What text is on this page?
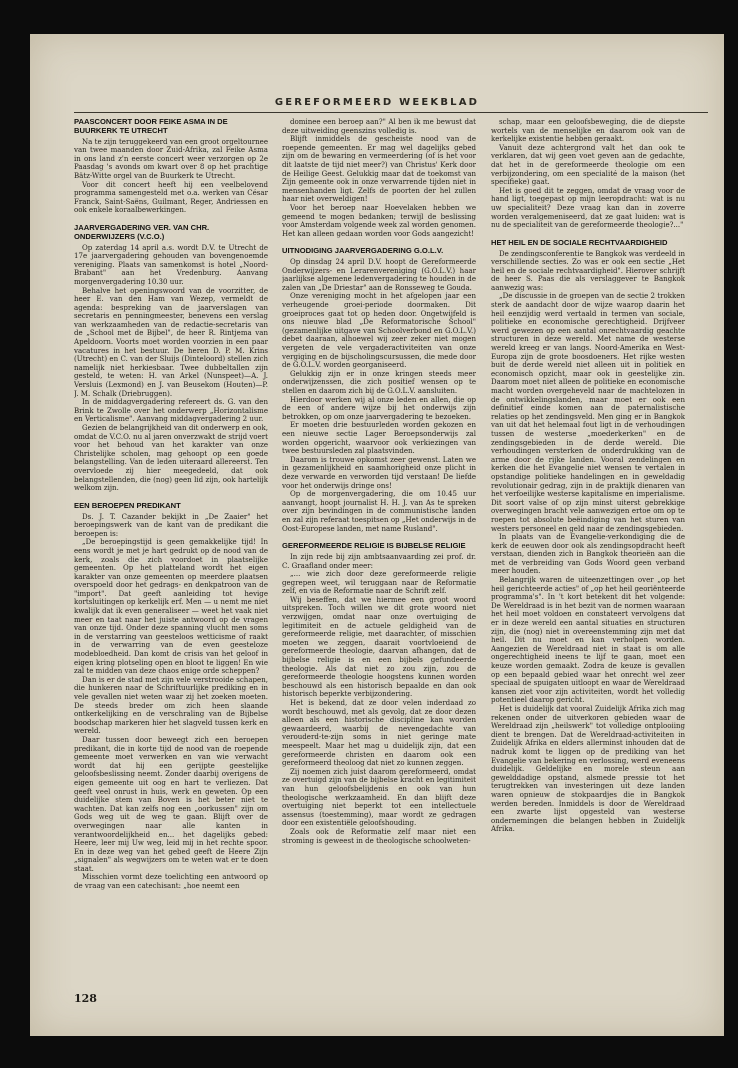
GEREFORMEERD WEEKBLAD
PAASCONCERT DOOR FEIKE ASMA IN DE BUURKERK TE UTRECHT

Na te zijn teruggekeerd van een groot orgeltournee van twee maanden door Zuid-Afrika, zal Feike Asma in ons land z'n eerste concert weer verzorgen op 2e Paasdag 's avonds om kwart over 8 op het prachtige Bätz-Witte orgel van de Buurkerk te Utrecht.

Voor dit concert heeft hij een veelbelovend programma samengesteld met o.a. werken van César Franck, Saint-Saëns, Guilmant, Reger, Andriessen en ook enkele koraalbewerkingen.

JAARVERGADERING VER. VAN CHR. ONDERWIJZERS (V.C.O.)

Op zaterdag 14 april a.s. wordt D.V. te Utrecht de 17e jaarvergadering gehouden van bovengenoemde vereniging. Plaats van samenkomst is hotel „Noord-Brabant" aan het Vredenburg. Aanvang morgenvergadering 10.30 uur.

Behalve het openingswoord van de voorzitter, de heer E. van den Ham van Wezep, vermeldt de agenda: bespreking van de jaarverslagen van secretaris en penningmeester, benevens een verslag van werkzaamheden van de redactie-secretaris van de „School met de Bijbel", de heer R. Rintjema van Apeldoorn. Voorts moet worden voorzien in een paar vacatures in het bestuur. De heren D. P. M. Krins (Utrecht) en C. van der Sluijs (Dinteloord) stellen zich namelijk niet herkiesbaar. Twee dubbeltallen zijn gesteld, te weten: H. van Arkel (Nunspeet)—A. J. Versluis (Lexmond) en J. van Beusekom (Houten)—P. J. M. Schalk (Driebruggen).

In de middagvergadering refereert ds. G. van den Brink te Zwolle over het onderwerp „Horizontalisme en Verticalisme". Aanvang middagvergadering 2 uur.

Gezien de belangrijkheid van dit onderwerp en ook, omdat de V.C.O. nu al jaren onverzwakt de strijd voert voor het behoud van het karakter van onze Christelijke scholen, mag gehoopt op een goede belangstelling. Van de leden uiteraard allereerst. Ten overvloede zij hier meegedeeld, dat ook belangstellenden, die (nog) geen lid zijn, ook hartelijk welkom zijn.

EEN BEROEPEN PREDIKANT

Ds. J. T. Cazander bekijkt in „De Zaaier" het beroepingswerk van de kant van de predikant die beroepen is:

„De beroepingstijd is geen gemakkelijke tijd! In eens wordt je met je hart gedrukt op de nood van de kerk, zoals die zich voordoet in plaatselijke gemeenten. Op het platteland wordt het eigen karakter van onze gemeenten op meerdere plaatsen overspoeld door het gedrags- en denkpatroon van de "import". Dat geeft aanleiding tot hevige kortsluitingen op kerkelijk erf. Men — u nemt me niet kwalijk dat ik even generaliseer — weet het vaak niet meer en taat naar het juiste antwoord op de vragen van onze tijd. Onder deze spanning vlucht men soms in de verstarring van geesteloos wetticisme of raakt in de verwarring van de even geesteloze modebloedheid. Dan komt de crisis van het geloof in eigen kring plotseling open en bloot te liggen! En wie zal te midden van deze chaos enige orde scheppen?

Dan is er de stad met zijn vele verstrooide schapen, die hunkeren naar de Schriftuurlijke prediking en in vele gevallen niet weten waar zij het zoeken moeten. De steeds breder om zich heen slaande ontkerkelijking en de verschraling van de Bijbelse boodschap markeren hier het slagveld tussen kerk en wereld.

Daar tussen door beweegt zich een beroepen predikant, die in korte tijd de nood van de roepende gemeente moet verwerken en van wie verwacht wordt dat hij een gerijpte geestelijke geloofsbeslissing neemt. Zonder daarbij overigens de eigen gemeente uit oog en hart te verliezen. Dat geeft veel onrust in huis, werk en geweten. Op een duidelijke stem van Boven is het beter niet te wachten. Dat kan zelfs nog een „oorkussen" zijn om Gods weg uit de weg te gaan. Blijft over de overwegingen naar alle kanten in verantwoordelijkheid en... het dagelijks gebed: Heere, leer mij Uw weg, leid mij in het rechte spoor. En in deze weg van het gebed geeft de Heere Zijn „signalen" als wegwijzers om te weten wat er te doen staat.

Misschien vormt deze toelichting een antwoord op de vraag van een catechisant: „hoe neemt een

dominee een beroep aan?" Al ben ik me bewust dat deze uitweiding geenszins volledig is.

Blijft inmiddels de gescheiste nood van de roepende gemeenten. Er mag wel dagelijks gebed zijn om de bewaring en vermeerdering (of is het voor dit laatste de tijd niet meer?) van Christus' Kerk door de Heilige Geest. Gelukkig maar dat de toekomst van Zijn gemeente ook in onze verwarrende tijden niet in mensenhanden ligt. Zelfs de poorten der hel zullen haar niet overweldigen!

Voor het beroep naar Hoevelaken hebben we gemeend te mogen bedanken; terwijl de beslissing voor Amsterdam volgende week zal worden genomen. Het kan alleen gedaan worden voor Gods aangezicht!

UITNODIGING JAARVERGADERING G.O.L.V.

Op dinsdag 24 april D.V. hoopt de Gereformeerde Onderwijzers- en Lerarenvereniging (G.O.L.V.) haar jaarlijkse algemene ledenvergadering te houden in de zalen van „De Driestar" aan de Ronsseweg te Gouda.

Onze vereniging mocht in het afgelopen jaar een verheugende groei-periode doormaken. Dit groeiproces gaat tot op heden door. Ongetwijfeld is ons nieuwe blad „De Reformatorische School" (gezamenlijke uitgave van Schoolverbond en G.O.L.V.) debet daaraan, alhoewel wij zeer zeker niet mogen vergeten de vele vergaderactiviteiten van onze vergiging en de bijscholingscursussen, die mede door de G.O.L.V. worden georganiseerd.

Gelukkig zijn er in onze kringen steeds meer onderwijzenssen, die zich positief wensen op te stellen en daarom zich bij de G.O.L.V. aansluiten.

Hierdoor werken wij al onze leden en allen, die op de een of andere wijze bij het onderwijs zijn betrokken, op om onze jaarvergadering te bezoeken.

Er moeten drie bestuurleden worden gekozen en een nieuwe sectie Lager Beroepsonderwijs zal worden opgericht, waarvoor ook verkiezingen van twee bestuursleden zal plaatsvinden.

Daarom is trouwe opkomst zeer gewenst. Laten we in gezamenlijkheid en saamhorigheid onze plicht in deze verwarde en verworden tijd verstaan! De liefde voor het onderwijs dringe ons!

Op de morgenvergadering, die om 10.45 uur aanvangt, hoopt journalist H. H. J. van As te spreken over zijn bevindingen in de communistische landen en zal zijn referaat toespitsen op „Het onderwijs in de Oost-Europese landen, met name Rusland".

GEREFORMEERDE RELIGIE IS BIJBELSE RELIGIE

In zijn rede bij zijn ambtsaanvaarding zei prof. dr. C. Graafland onder meer:

„... wie zich door deze gereformeerde religie gegrepen weet, wil teruggaan naar de Reformatie zelf, en via de Reformatie naar de Schrift zelf.

Wij beseffen, dat we hiermee een groot woord uitspreken. Toch willen we dit grote woord niet verzwijgen, omdat naar onze overtuiging de legitimiteit en de actuele geldigheid van de gereformeerde religie, met daarachter, of misschien moeten we zeggen, daarait voortvloeiend de gereformeerde theologie, daarvan afhangen, dat de bijbelse religie is en een bijbels gefundeerde theologie. Als dat niet zo zou zijn, zou de gereformeerde theologie hoogstens kunnen worden beschouwd als een historisch bepaalde en dan ook historisch beperkte verbijzondering.

Het is bekend, dat ze door velen inderdaad zo wordt beschouwd, met als gevolg, dat ze door dezen alleen als een historische discipline kan worden gewaardeerd, waarbij de nevengedachte van verouderd-te-zijn soms in niet geringe mate meespeelt. Maar het mag u duidelijk zijn, dat een gereformeerde christen en daarom ook een gereformeerd theoloog dat niet zo kunnen zeggen.

Zij noemen zich juist daarom gereformeerd, omdat ze overtuigd zijn van de bijbelse kracht en legitimiteit van hun geloofsbelijdenis en ook van hun theologische werkzaamheid. En dan blijft deze overtuiging niet beperkt tot een intellectuele assensus (toestemming), maar wordt ze gedragen door een existentiële geloofshouding.

Zoals ook de Reformatie zelf maar niet een stroming is geweest in de theologische schoolweten-

schap, maar een geloofsbeweging, die de diepste wortels van de menselijke en daarom ook van de kerkelijke existentie hebben geraakt.

Vanuit deze achtergrond valt het dan ook te verklaren, dat wij geen voet geven aan de gedachte, dat het in de gereformeerde theologie om een verbijzondering, om een specialité de la maison (het specifieke) gaat.

Het is goed dit te zeggen, omdat de vraag voor de hand ligt, toegepast op mijn leeropdracht: wat is nu uw specialiteit? Deze vraag kan dan in zoverre worden veralgemeniseerd, dat ze gaat luiden: wat is nu de specialiteit van de gereformeerde theologie?..."

HET HEIL EN DE SOCIALE RECHTVAARDIGHEID

De zendingsconferentie te Bangkok was verdeeld in verschillende secties. Zo was er ook een sectie „Het heil en de sociale rechtvaardigheid". Hierover schrijft de heer S. Paas die als verslaggever te Bangkok aanwezig was:

„De discussie in de groepen van de sectie 2 trokken sterk de aandacht door de wijze waarop daarin het heil eenzijdig werd vertaald in termen van sociale, politieke en economische gerechtigheid. Drijfveer werd gewezen op een aantal onrechtvaardig geachte structuren in deze wereld. Met name de westerse wereld kreeg er van langs. Noord-Amerika en West-Europa zijn de grote boosdoeners. Het rijke westen buit de derde wereld niet alleen uit in politiek en economisch opzicht, maar ook in geestelijke zin. Daarom moet niet alleen de politieke en economische macht worden overgeheveld naar de machtelozen in de ontwikkelingslanden, maar moet er ook een definitief einde komen aan de paternalistische relaties op het zendingsveld. Men ging er in Bangkok van uit dat het helemaal fout ligt in de verhoudingen tussen de westerse „moederkerken" en de zendingsgebieden in de derde wereld. Die verhoudingen versterken de onderdrukking van de arme door de rijke landen. Vooral zendelingen en kerken die het Evangelie niet wensen te vertalen in opstandige politieke handelingen en in geweldadig revolutionair gedrag, zijn in de praktijk dienaren van het verfoeilijke westerse kapitalisme en imperialisme. Dit soort valse of op zijn minst uiterst gebrekkige overwegingen bracht vele aanwezigen ertoe om op te roepen tot absolute beëindiging van het sturen van westers personeel en geld naar de zendingsgebieden.

In plaats van de Evangelie-verkondiging die de kerk de eeuwen door ook als zendingsopdracht heeft verstaan, dienden zich in Bangkok theorieën aan die met de verbreiding van Gods Woord geen verband meer houden.

Belangrijk waren de uiteenzettingen over „op het heil gerichteerde acties" of „op het heil georiënteerde programma's". In 't kort betekent dit het volgende: De Wereldraad is in het bezit van de normen waaraan het heil moet voldoen en constateert vervolgens dat er in deze wereld een aantal situaties en structuren zijn, die (nog) niet in overeenstemming zijn met dat heil. Dit nu moet en kan verholpen worden. Aangezien de Wereldraad niet in staat is om alle ongerechtigheid ineens te lijf te gaan, moet een keuze worden gemaakt. Zodra de keuze is gevallen op een bepaald gebied waar het onrecht wel zeer speciaal de spuigaten uitloopt en waar de Wereldraad kansen ziet voor zijn activiteiten, wordt het volledig potentieel daarop gericht.

Het is duidelijk dat vooral Zuidelijk Afrika zich mag rekenen onder de uitverkoren gebieden waar de Wereldraad zijn „heilswerk" tot volledige ontplooiing dient te brengen. Dat de Wereldraad-activiteiten in Zuidelijk Afrika en elders allerminst inhouden dat de nadruk komt te liggen op de prediking van het Evangelie van bekering en verlossing, werd eveneens duidelijk. Geldelijke en morele steun aan gewelddadige opstand, alsmede pressie tot het terugtrekken van investeringen uit deze landen waren opnieuw de stokpaardjes die in Bangkok werden bereden. Inmiddels is door de Wereldraad een zwarte lijst opgesteld van westerse ondernemingen die belangen hebben in Zuidelijk Afrika.

128
